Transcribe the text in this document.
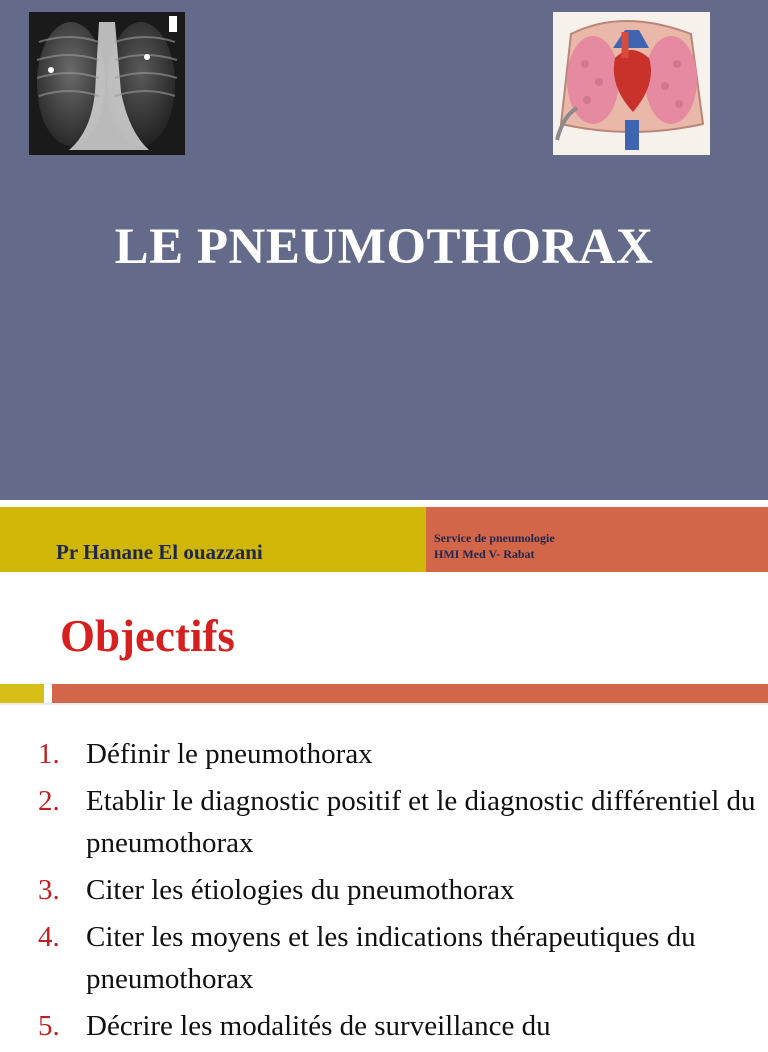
LE PNEUMOTHORAX
Pr Hanane El ouazzani
Service de pneumologie
HMI Med V- Rabat
Objectifs
1. Définir le pneumothorax
2. Etablir le diagnostic positif et le diagnostic différentiel du pneumothorax
3. Citer les étiologies du pneumothorax
4. Citer les moyens et les indications thérapeutiques du pneumothorax
5. Décrire les modalités de surveillance du
